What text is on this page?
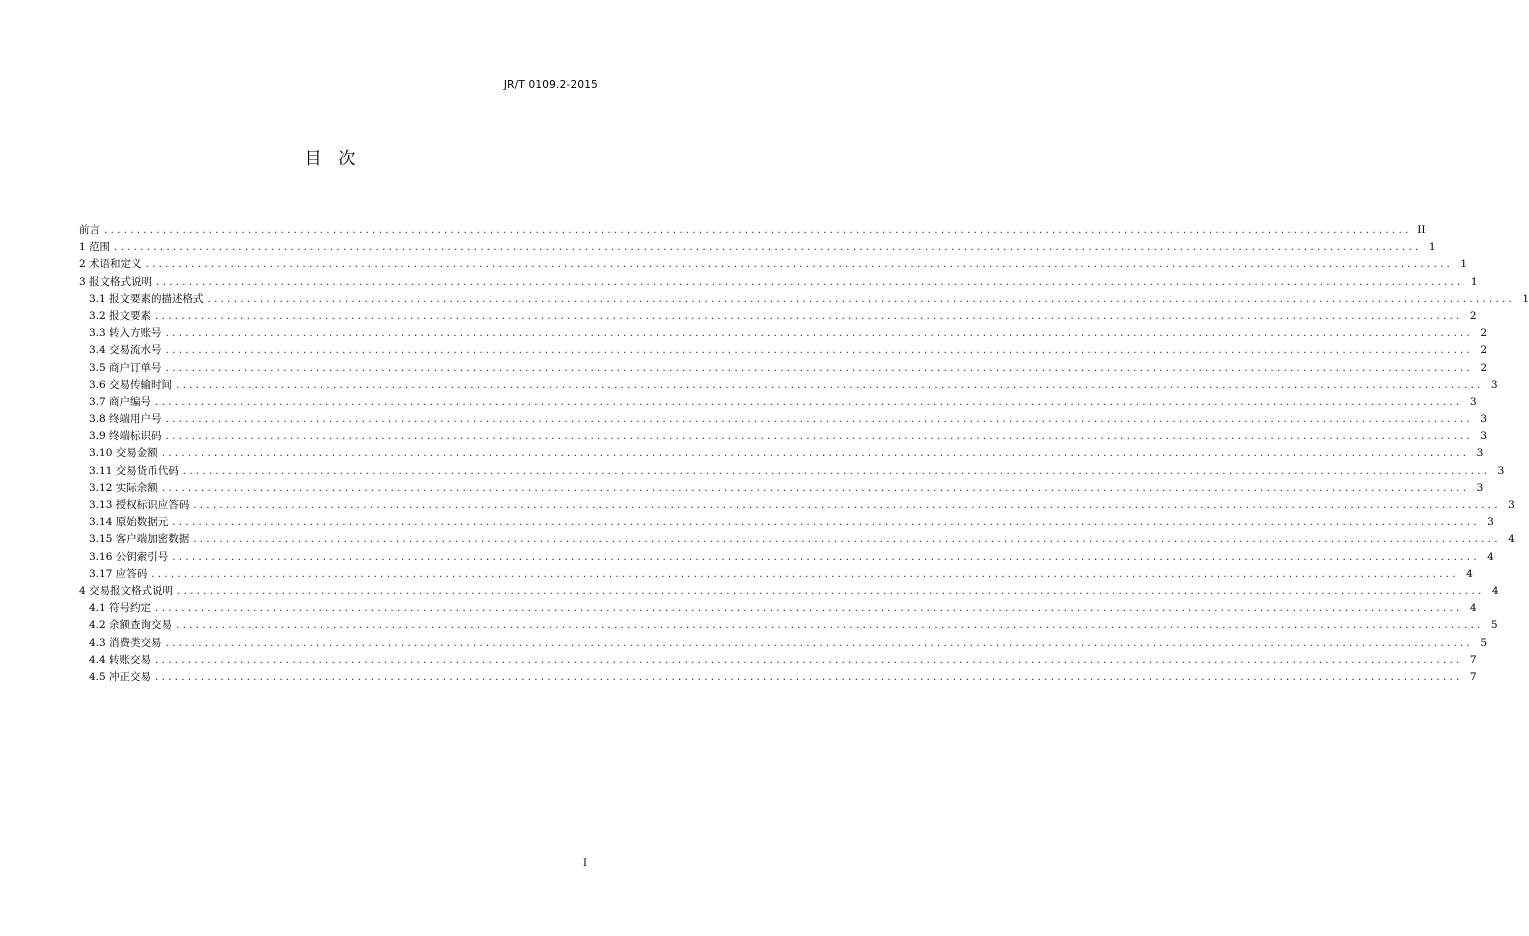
JR/T 0109.2-2015
目  次
前言 ........................................................................................................................................................................................................ II
1 范围 ........................................................................................................................................................................................................ 1
2 术语和定义 ........................................................................................................................................................................................................ 1
3 报文格式说明 ........................................................................................................................................................................................................ 1
3.1 报文要素的描述格式 ........................................................................................................................................................................................................ 1
3.2 报文要素 ........................................................................................................................................................................................................ 2
3.3 转入方账号 ........................................................................................................................................................................................................ 2
3.4 交易流水号 ........................................................................................................................................................................................................ 2
3.5 商户订单号 ........................................................................................................................................................................................................ 2
3.6 交易传输时间 ........................................................................................................................................................................................................ 3
3.7 商户编号 ........................................................................................................................................................................................................ 3
3.8 终端用户号 ........................................................................................................................................................................................................ 3
3.9 终端标识码 ........................................................................................................................................................................................................ 3
3.10 交易金额 ........................................................................................................................................................................................................ 3
3.11 交易货币代码 ........................................................................................................................................................................................................ 3
3.12 实际余额 ........................................................................................................................................................................................................ 3
3.13 授权标识应答码 ........................................................................................................................................................................................................ 3
3.14 原始数据元 ........................................................................................................................................................................................................ 3
3.15 客户端加密数据 ........................................................................................................................................................................................................ 4
3.16 公钥索引号 ........................................................................................................................................................................................................ 4
3.17 应答码 ........................................................................................................................................................................................................ 4
4 交易报文格式说明 ........................................................................................................................................................................................................ 4
4.1 符号约定 ........................................................................................................................................................................................................ 4
4.2 余额查询交易 ........................................................................................................................................................................................................ 5
4.3 消费类交易 ........................................................................................................................................................................................................ 5
4.4 转账交易 ........................................................................................................................................................................................................ 7
4.5 冲正交易 ........................................................................................................................................................................................................ 7
I
